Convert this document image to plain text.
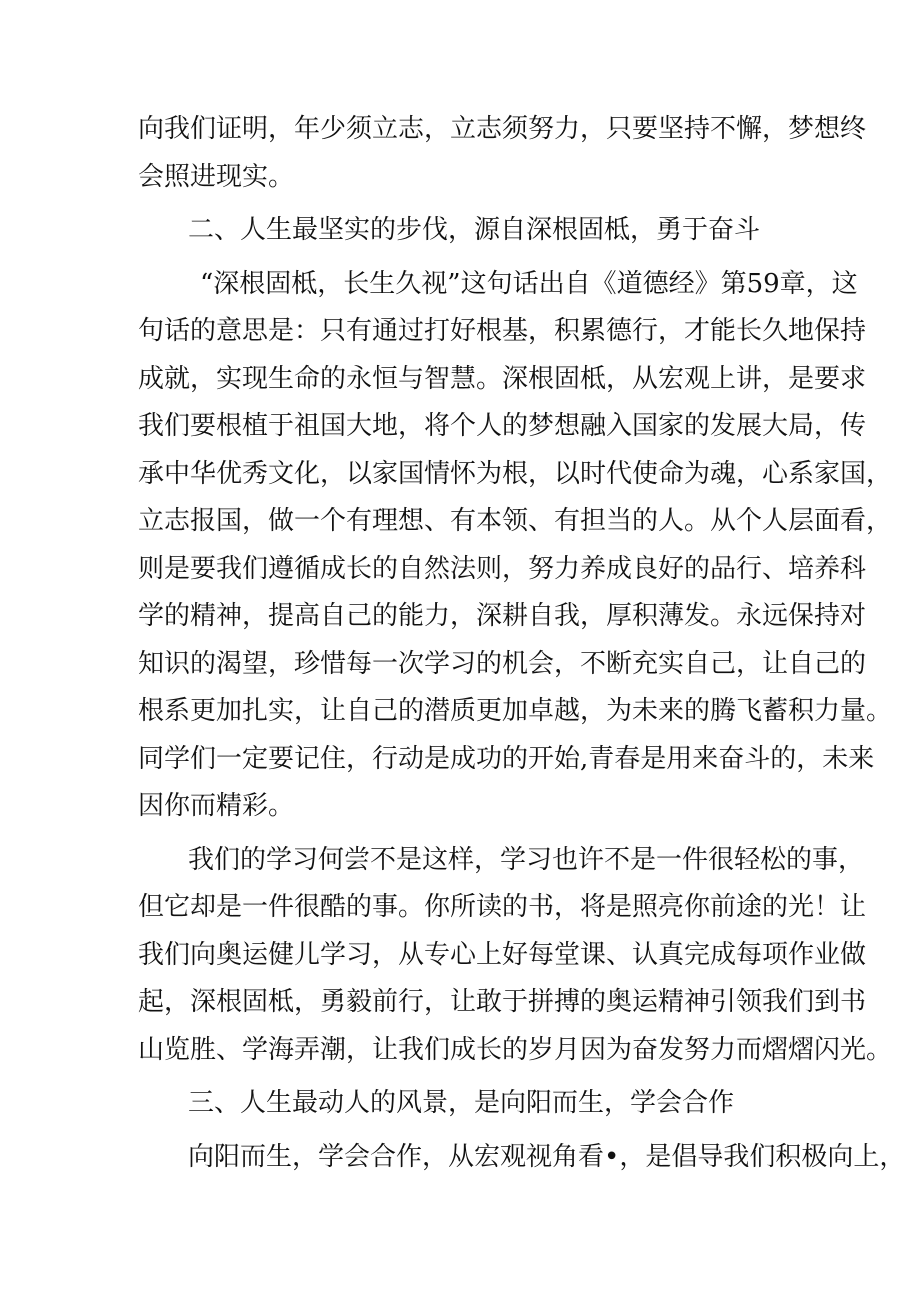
向我们证明，年少须立志，立志须努力，只要坚持不懈，梦想终
会照进现实。
二、人生最坚实的步伐，源自深根固柢，勇于奋斗
“深根固柢，长生久视”这句话出自《道德经》第59章，这
句话的意思是：只有通过打好根基，积累德行，才能长久地保持
成就，实现生命的永恒与智慧。深根固柢，从宏观上讲，是要求
我们要根植于祖国大地，将个人的梦想融入国家的发展大局，传
承中华优秀文化，以家国情怀为根，以时代使命为魂，心系家国，
立志报国，做一个有理想、有本领、有担当的人。从个人层面看，
则是要我们遵循成长的自然法则，努力养成良好的品行、培养科
学的精神，提高自己的能力，深耕自我，厚积薄发。永远保持对
知识的渴望，珍惜每一次学习的机会，不断充实自己，让自己的
根系更加扎实，让自己的潜质更加卓越，为未来的腾飞蓄积力量。
同学们一定要记住，行动是成功的开始,青春是用来奋斗的，未来
因你而精彩。
我们的学习何尝不是这样，学习也许不是一件很轻松的事，
但它却是一件很酷的事。你所读的书，将是照亮你前途的光！让
我们向奥运健儿学习，从专心上好每堂课、认真完成每项作业做
起，深根固柢，勇毅前行，让敢于拼搏的奥运精神引领我们到书
山览胜、学海弄潮，让我们成长的岁月因为奋发努力而熠熠闪光。
三、人生最动人的风景，是向阳而生，学会合作
向阳而生，学会合作，从宏观视角看•，是倡导我们积极向上，
